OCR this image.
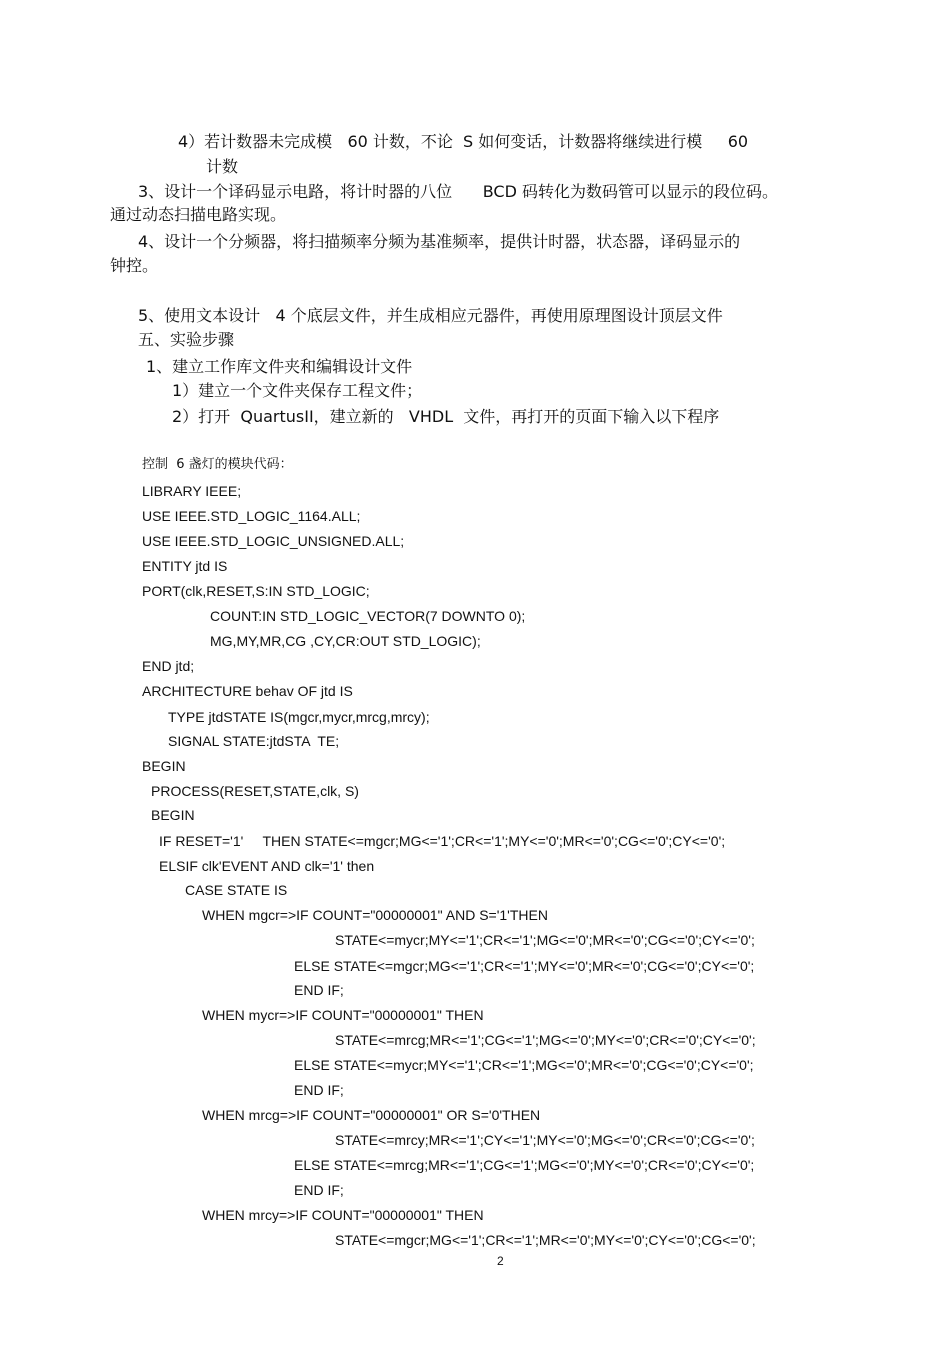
4）若计数器未完成模   60 计数，不论  S 如何变话，计数器将继续进行模     60
计数
3、设计一个译码显示电路，将计时器的八位      BCD 码转化为数码管可以显示的段位码。
通过动态扫描电路实现。
4、设计一个分频器，将扫描频率分频为基准频率，提供计时器，状态器，译码显示的
钟控。
5、使用文本设计   4 个底层文件，并生成相应元器件，再使用原理图设计顶层文件
五、实验步骤
1、建立工作库文件夹和编辑设计文件
1）建立一个文件夹保存工程文件；
2）打开  QuartusII，建立新的   VHDL  文件，再打开的页面下输入以下程序
控制  6 盏灯的模块代码：
LIBRARY IEEE;
USE IEEE.STD_LOGIC_1164.ALL;
USE IEEE.STD_LOGIC_UNSIGNED.ALL;
ENTITY jtd IS
PORT(clk,RESET,S:IN STD_LOGIC;
COUNT:IN STD_LOGIC_VECTOR(7 DOWNTO 0);
MG,MY,MR,CG ,CY,CR:OUT STD_LOGIC);
END jtd;
ARCHITECTURE behav OF jtd IS
TYPE jtdSTATE IS(mgcr,mycr,mrcg,mrcy);
SIGNAL STATE:jtdSTA  TE;
BEGIN
PROCESS(RESET,STATE,clk, S)
BEGIN
IF RESET='1'     THEN STATE<=mgcr;MG<='1';CR<='1';MY<='0';MR<='0';CG<='0';CY<='0';
ELSIF clk'EVENT AND clk='1' then
CASE STATE IS
WHEN mgcr=>IF COUNT="00000001" AND S='1'THEN
STATE<=mycr;MY<='1';CR<='1';MG<='0';MR<='0';CG<='0';CY<='0';
ELSE STATE<=mgcr;MG<='1';CR<='1';MY<='0';MR<='0';CG<='0';CY<='0';
END IF;
WHEN mycr=>IF COUNT="00000001" THEN
STATE<=mrcg;MR<='1';CG<='1';MG<='0';MY<='0';CR<='0';CY<='0';
ELSE STATE<=mycr;MY<='1';CR<='1';MG<='0';MR<='0';CG<='0';CY<='0';
END IF;
WHEN mrcg=>IF COUNT="00000001" OR S='0'THEN
STATE<=mrcy;MR<='1';CY<='1';MY<='0';MG<='0';CR<='0';CG<='0';
ELSE STATE<=mrcg;MR<='1';CG<='1';MG<='0';MY<='0';CR<='0';CY<='0';
END IF;
WHEN mrcy=>IF COUNT="00000001" THEN
STATE<=mgcr;MG<='1';CR<='1';MR<='0';MY<='0';CY<='0';CG<='0';
2
